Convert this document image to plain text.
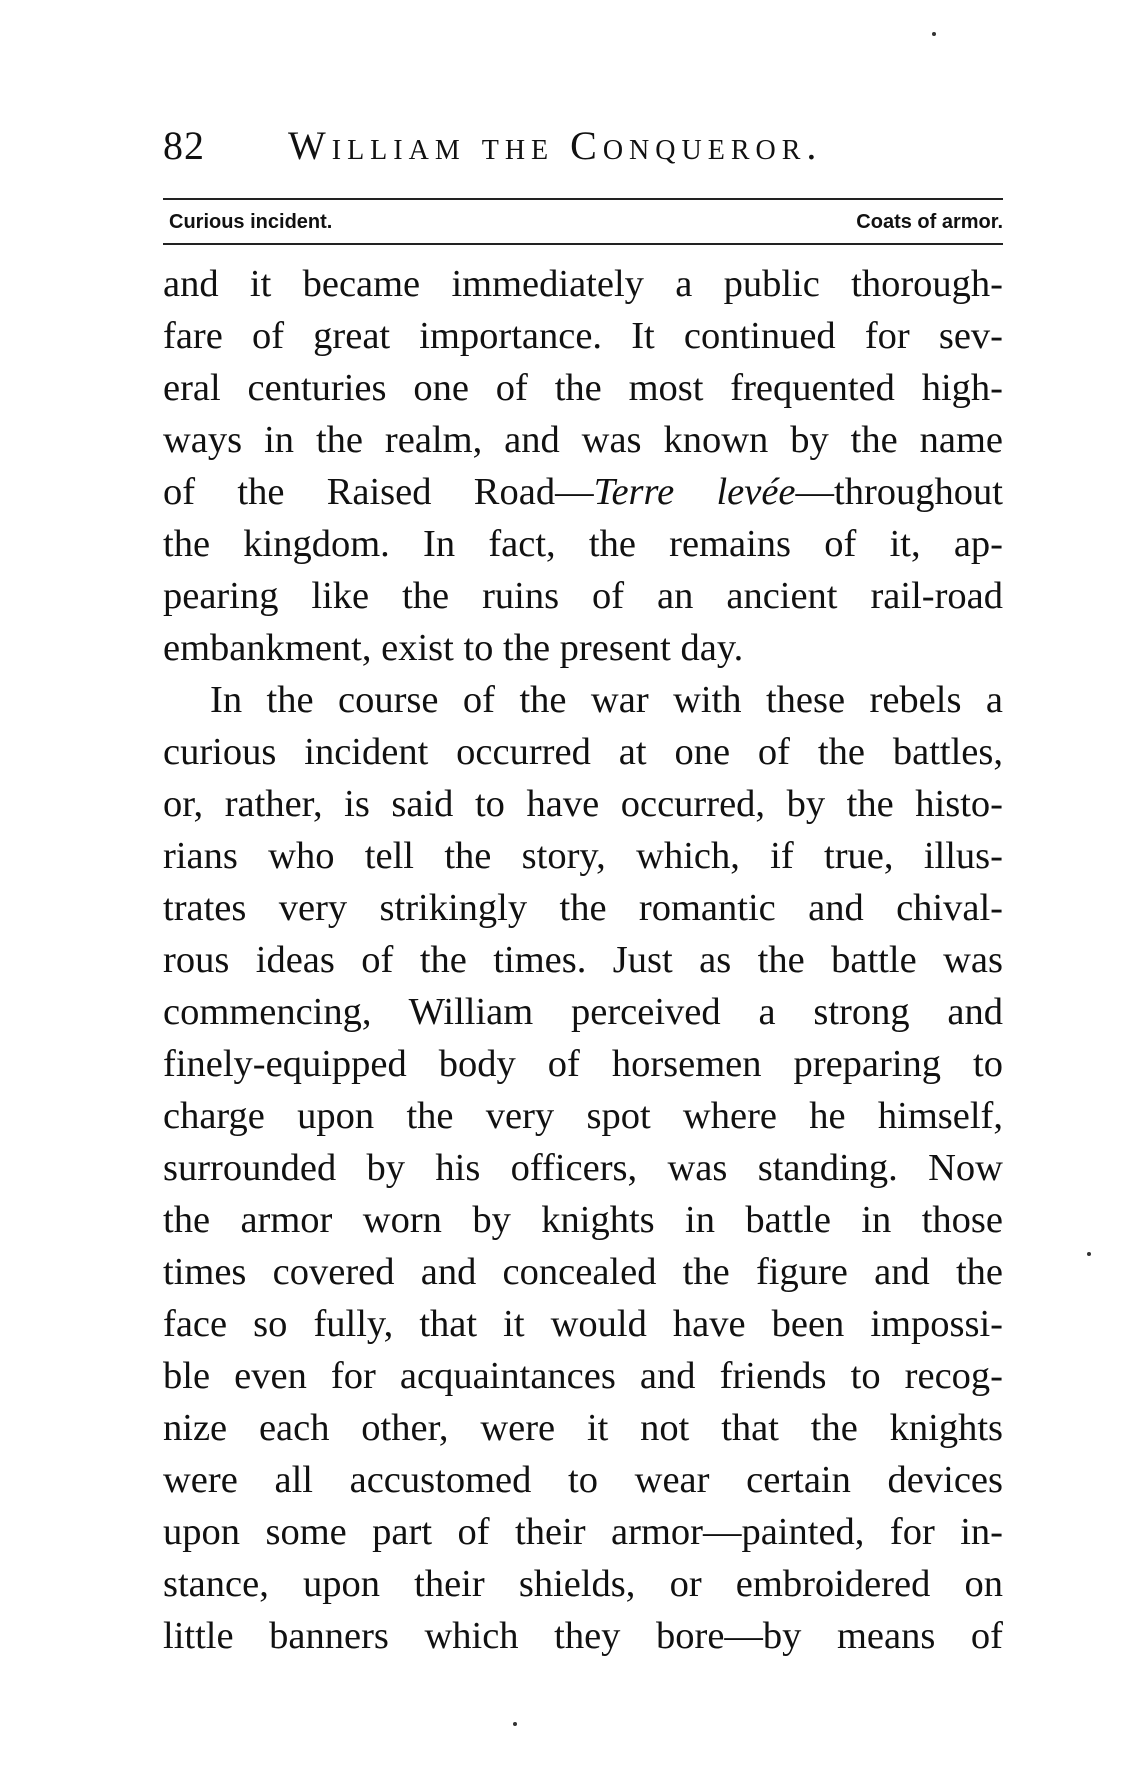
82 William the Conqueror.
Curious incident.	Coats of armor.
and it became immediately a public thorough-
fare of great importance. It continued for sev-
eral centuries one of the most frequented high-
ways in the realm, and was known by the name
of the Raised Road—Terre levée—throughout
the kingdom. In fact, the remains of it, ap-
pearing like the ruins of an ancient rail-road
embankment, exist to the present day.
In the course of the war with these rebels a
curious incident occurred at one of the battles,
or, rather, is said to have occurred, by the histo-
rians who tell the story, which, if true, illus-
trates very strikingly the romantic and chival-
rous ideas of the times. Just as the battle was
commencing, William perceived a strong and
finely-equipped body of horsemen preparing to
charge upon the very spot where he himself,
surrounded by his officers, was standing. Now
the armor worn by knights in battle in those
times covered and concealed the figure and the
face so fully, that it would have been impossi-
ble even for acquaintances and friends to recog-
nize each other, were it not that the knights
were all accustomed to wear certain devices
upon some part of their armor—painted, for in-
stance, upon their shields, or embroidered on
little banners which they bore—by means of
